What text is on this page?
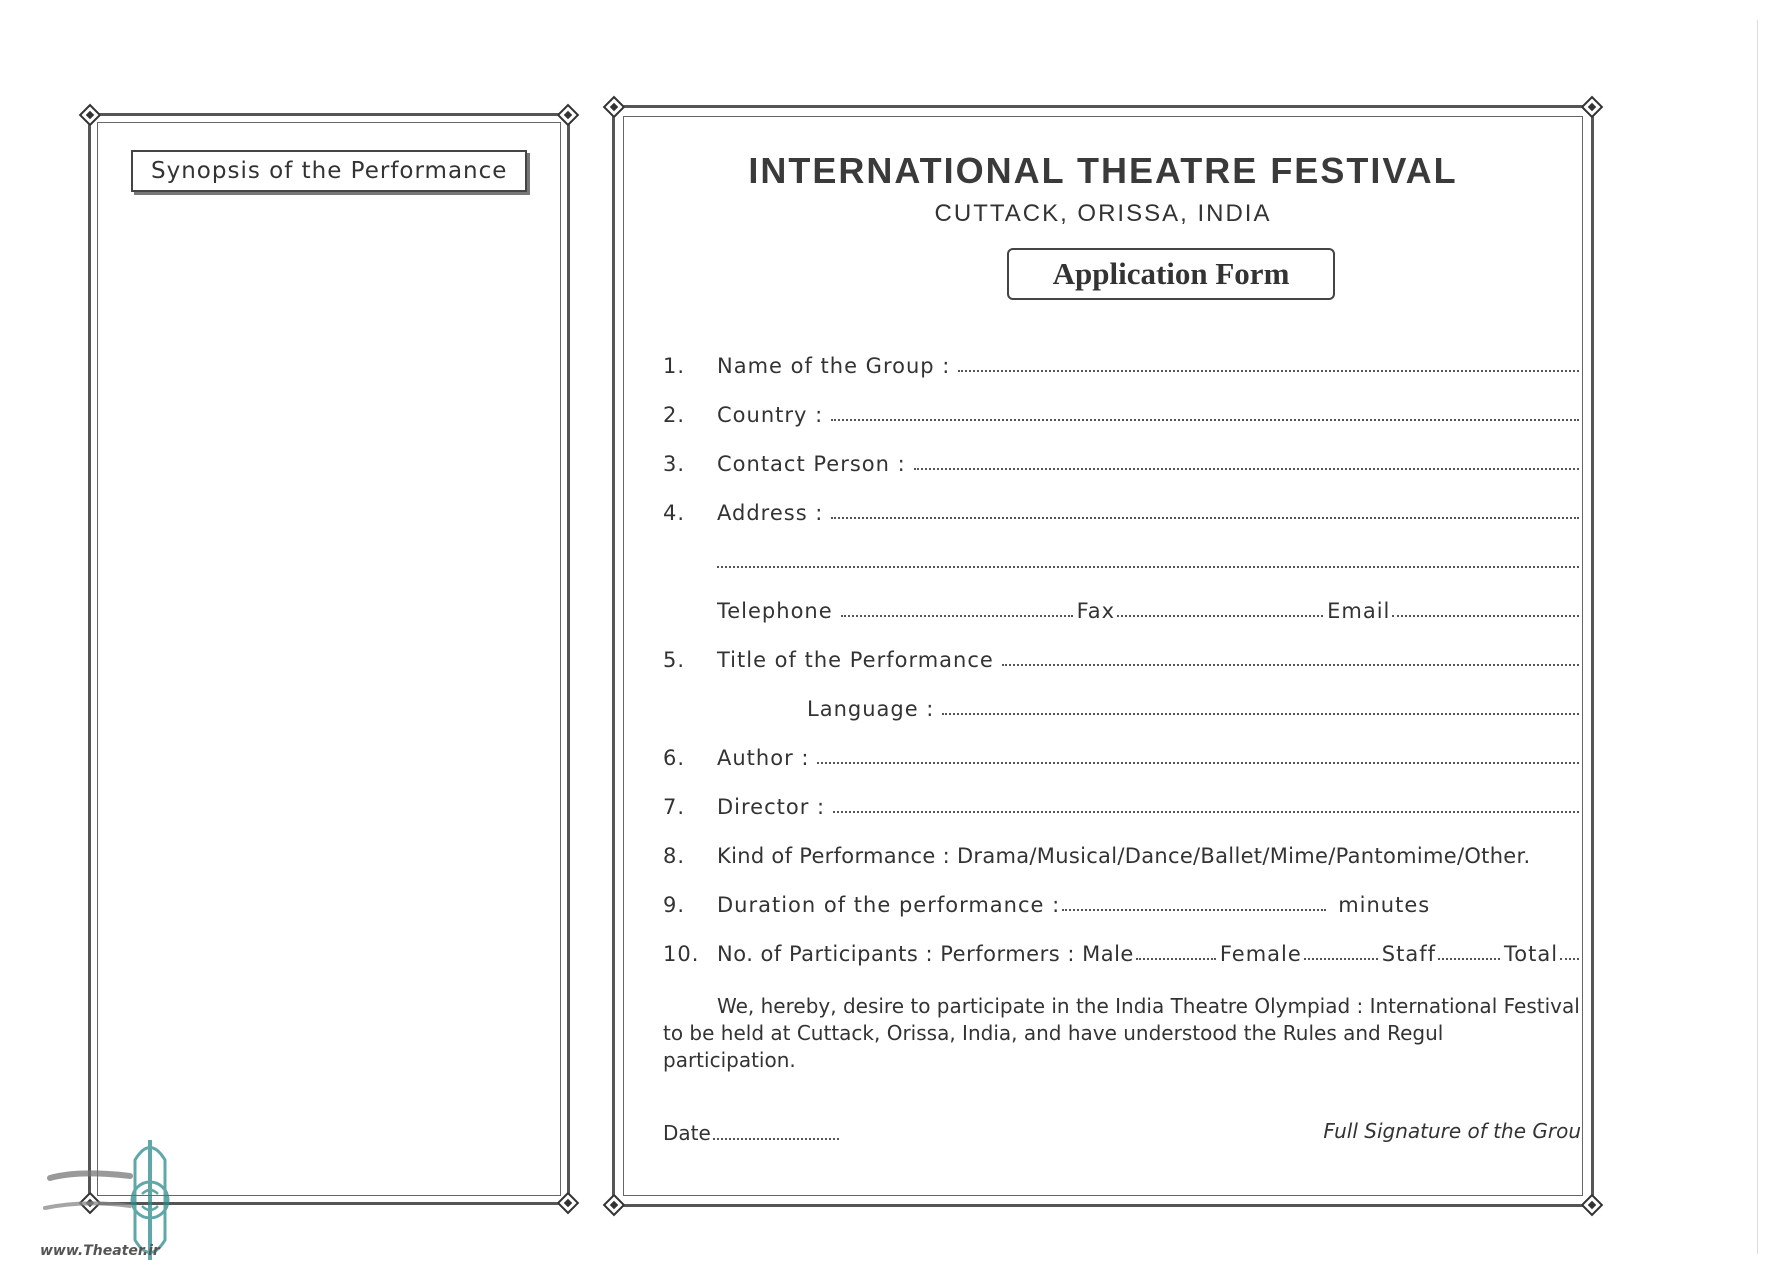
Synopsis of the Performance	INTERNATIONAL THEATRE FESTIVAL
CUTTACK, ORISSA, INDIA
Application Form
1.	Name of the Group :
2.	Country :
3.	Contact Person :
4.	Address :
Telephone	Fax	Email
5.	Title of the Performance
Language :
6.	Author :
7.	Director :
8.	Kind of Performance : Drama/Musical/Dance/Ballet/Mime/Pantomime/Other.
9.	Duration of the performance :	minutes
10. No. of Participants : Performers : Male	Female	Staff	Total
We, hereby, desire to participate in the India Theatre Olympiad : International Festival to be held at Cuttack, Orissa, India, and have understood the Rules and Regul participation.
Date	Full Signature of the Grou
www.Theater.ir
